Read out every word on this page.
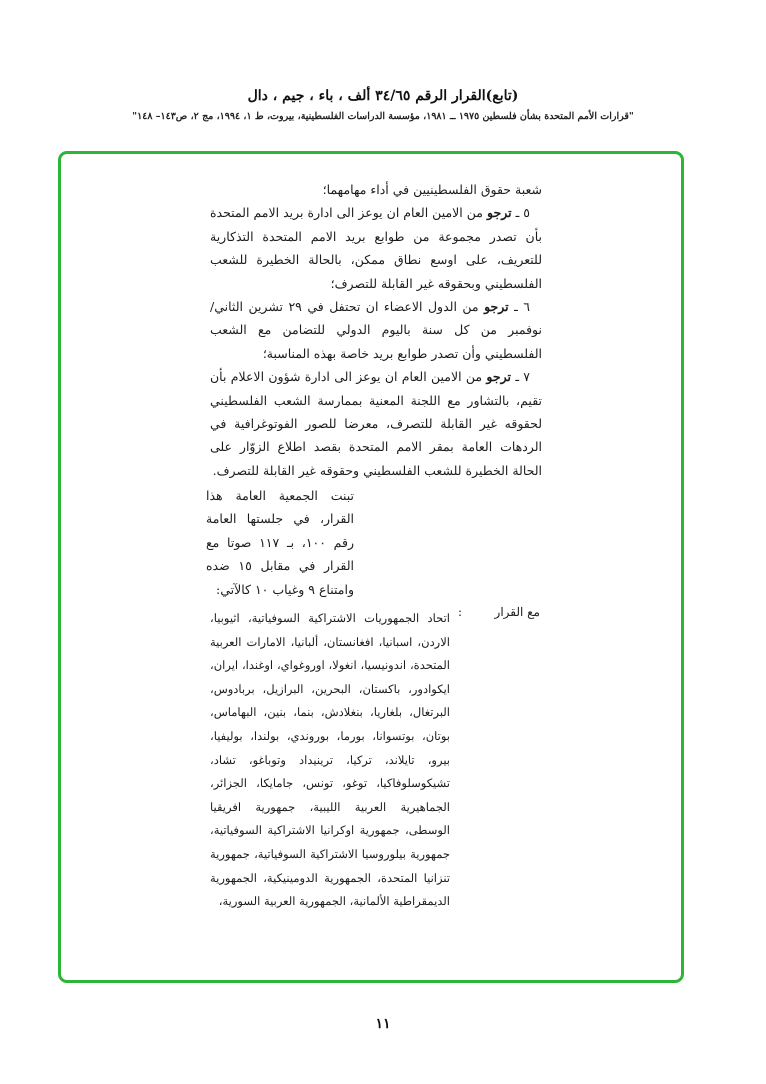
(تابع)القرار الرقم ٣٤/٦٥ ألف ، باء ، جيم ، دال
"قرارات الأمم المتحدة بشأن فلسطين ١٩٧٥ ــ ١٩٨١، مؤسسة الدراسات الفلسطينية، بيروت، ط ١، ١٩٩٤، مج ٢، ص١٤٣– ١٤٨"

شعبة حقوق الفلسطينيين في أداء مهامهما؛

٥ ـ ترجو من الامين العام ان يوعز الى ادارة بريد الامم المتحدة بأن تصدر مجموعة من طوابع بريد الامم المتحدة التذكارية للتعريف، على اوسع نطاق ممكن، بالحالة الخطيرة للشعب الفلسطيني وبحقوقه غير القابلة للتصرف؛

٦ ـ ترجو من الدول الاعضاء ان تحتفل في ٢٩ تشرين الثاني/نوفمبر من كل سنة باليوم الدولي للتضامن مع الشعب الفلسطيني وأن تصدر طوابع بريد خاصة بهذه المناسبة؛

٧ ـ ترجو من الامين العام ان يوعز الى ادارة شؤون الاعلام بأن تقيم، بالتشاور مع اللجنة المعنية بممارسة الشعب الفلسطيني لحقوقه غير القابلة للتصرف، معرضا للصور الفوتوغرافية في الردهات العامة بمقر الامم المتحدة بقصد اطلاع الزوّار على الحالة الخطيرة للشعب الفلسطيني وحقوقه غير القابلة للتصرف.

تبنت الجمعية العامة هذا القرار، في جلستها العامة رقم ١٠٠، بـ ١١٧ صوتا مع القرار في مقابل ١٥ ضده وامتناع ٩ وغياب ١٠ كالآتي:
مع القرار
:
اتحاد الجمهوريات الاشتراكية السوفياتية، اثيوبيا، الاردن، اسبانيا، افغانستان، ألبانيا، الامارات العربية المتحدة، اندونيسيا، انغولا، اوروغواي، اوغندا، ايران، ايكوادور، باكستان، البحرين، البرازيل، بربادوس، البرتغال، بلغاريا، بنغلادش، بنما، بنين، البهاماس، بوتان، بوتسوانا، بورما، بوروندي، بولندا، بوليفيا، بيرو، تايلاند، تركيا، ترينيداد وتوباغو، تشاد، تشيكوسلوفاكيا، توغو، تونس، جامايكا، الجزائر، الجماهيرية العربية الليبية، جمهورية افريقيا الوسطى، جمهورية اوكرانيا الاشتراكية السوفياتية، جمهورية بيلوروسيا الاشتراكية السوفياتية، جمهورية تنزانيا المتحدة، الجمهورية الدومينيكية، الجمهورية الديمقراطية الألمانية، الجمهورية العربية السورية،
١١
